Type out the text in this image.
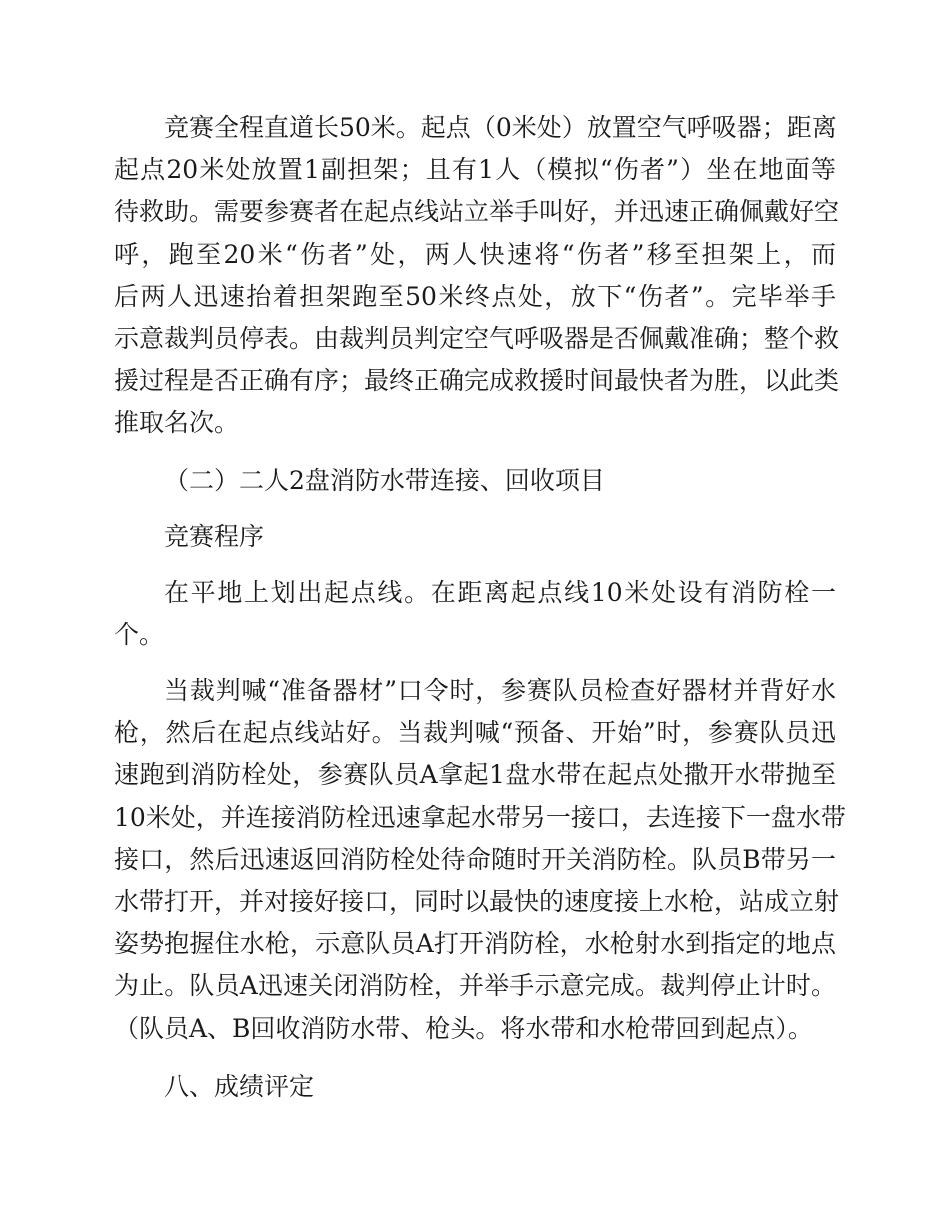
竞赛全程直道长50米。起点（0米处）放置空气呼吸器；距离
起点20米处放置1副担架；且有1人（模拟“伤者”）坐在地面等
待救助。需要参赛者在起点线站立举手叫好，并迅速正确佩戴好空
呼，跑至20米“伤者”处，两人快速将“伤者”移至担架上，而
后两人迅速抬着担架跑至50米终点处，放下“伤者”。完毕举手
示意裁判员停表。由裁判员判定空气呼吸器是否佩戴准确；整个救
援过程是否正确有序；最终正确完成救援时间最快者为胜，以此类
推取名次。
（二）二人2盘消防水带连接、回收项目
竞赛程序
在平地上划出起点线。在距离起点线10米处设有消防栓一
个。
当裁判喊“准备器材”口令时，参赛队员检查好器材并背好水
枪，然后在起点线站好。当裁判喊“预备、开始”时，参赛队员迅
速跑到消防栓处，参赛队员A拿起1盘水带在起点处撒开水带抛至
10米处，并连接消防栓迅速拿起水带另一接口，去连接下一盘水带
接口，然后迅速返回消防栓处待命随时开关消防栓。队员B带另一
水带打开，并对接好接口，同时以最快的速度接上水枪，站成立射
姿势抱握住水枪，示意队员A打开消防栓，水枪射水到指定的地点
为止。队员A迅速关闭消防栓，并举手示意完成。裁判停止计时。
（队员A、B回收消防水带、枪头。将水带和水枪带回到起点）。
八、成绩评定
